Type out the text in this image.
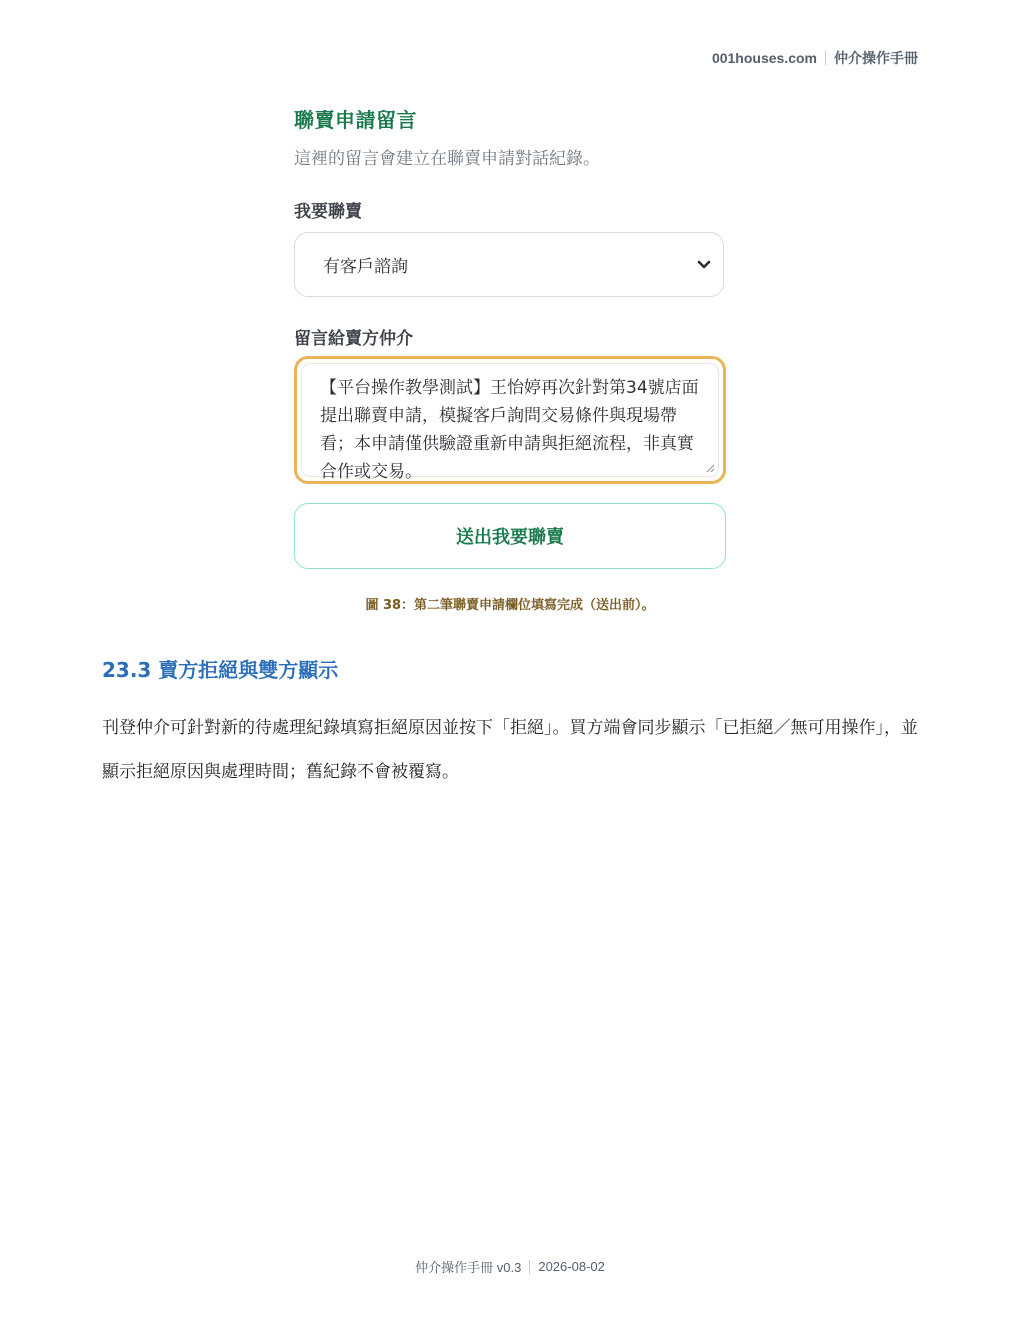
001houses.com 仲介操作手冊
聯賣申請留言
這裡的留言會建立在聯賣申請對話紀錄。
我要聯賣
有客戶諮詢
留言給賣方仲介

【平台操作教學測試】王怡婷再次針對第34號店面提出聯賣申請，模擬客戶詢問交易條件與現場帶看；本申請僅供驗證重新申請與拒絕流程，非真實合作或交易。

送出我要聯賣
圖 38：第二筆聯賣申請欄位填寫完成（送出前）。
23.3 賣方拒絕與雙方顯示
刊登仲介可針對新的待處理紀錄填寫拒絕原因並按下「拒絕」。買方端會同步顯示「已拒絕／無可用操作」，並顯示拒絕原因與處理時間；舊紀錄不會被覆寫。
仲介操作手冊 v0.3 2026-08-02
